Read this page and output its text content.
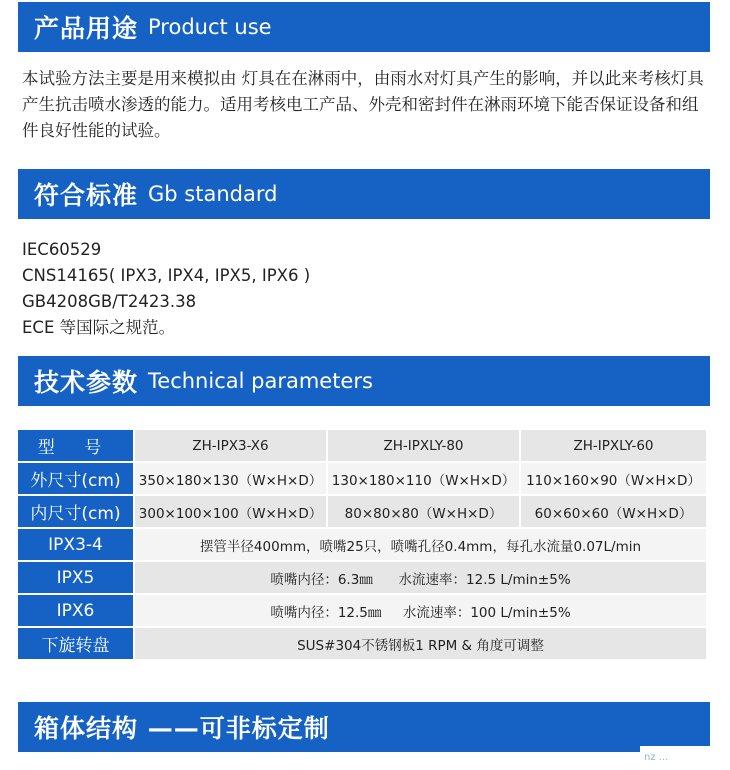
产品用途 Product use
本试验方法主要是用来模拟由 灯具在在淋雨中，由雨水对灯具产生的影响，并以此来考核灯具产生抗击喷水渗透的能力。适用考核电工产品、外壳和密封件在淋雨环境下能否保证设备和组件良好性能的试验。
符合标准 Gb standard
IEC60529
CNS14165( IPX3, IPX4, IPX5, IPX6 )
GB4208GB/T2423.38
ECE 等国际之规范。
技术参数 Technical parameters
型 号	ZH-IPX3-X6	ZH-IPXLY-80	ZH-IPXLY-60
外尺寸(cm)	350×180×130（W×H×D）	130×180×110（W×H×D）	110×160×90（W×H×D）
内尺寸(cm)	300×100×100（W×H×D）	80×80×80（W×H×D）	60×60×60（W×H×D）
IPX3-4	摆管半径400mm，喷嘴25只，喷嘴孔径0.4mm，每孔水流量0.07L/min		
IPX5	喷嘴内径：6.3㎜      水流速率：12.5 L/min±5%		
IPX6	喷嘴内径：12.5㎜     水流速率：100 L/min±5%		
下旋转盘	SUS#304不锈钢板1 RPM & 角度可调整		
箱体结构 ——可非标定制
nz ...
